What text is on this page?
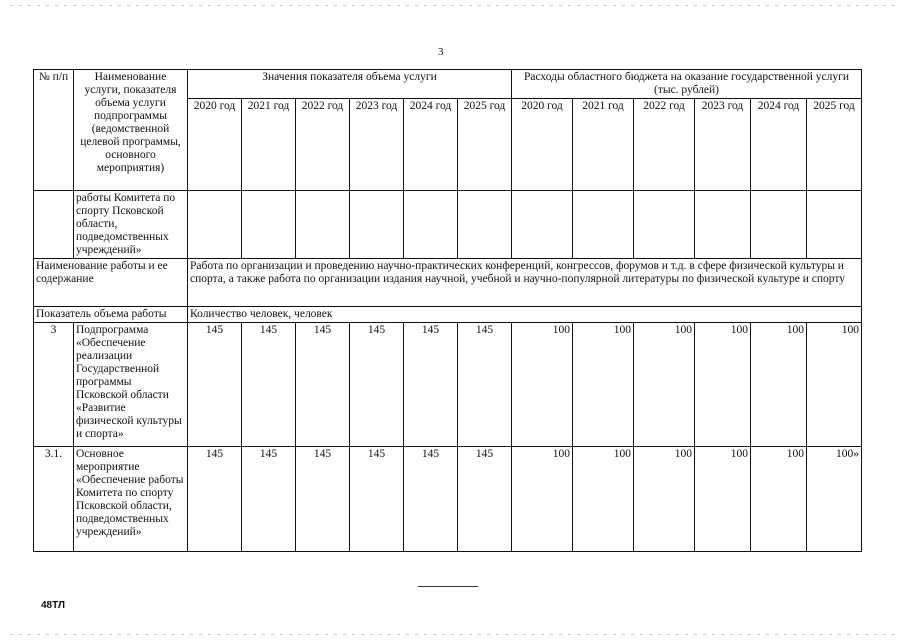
3
№ п/п	Наименование услуги, показателя объема услуги подпрограммы (ведомственной целевой программы, основного мероприятия)	Значения показателя объема услуги						Расходы областного бюджета на оказание государственной услуги (тыс. рублей)					
		2020 год	2021 год	2022 год	2023 год	2024 год	2025 год	2020 год	2021 год	2022 год	2023 год	2024 год	2025 год
	работы Комитета по спорту Псковской области, подведомственных учреждений»												
Наименование работы и ее содержание		Работа по организации и проведению научно-практических конференций, конгрессов, форумов и т.д. в сфере физической культуры и спорта, а также работа по организации издания научной, учебной и научно-популярной литературы по физической культуре и спорту											
Показатель объема работы		Количество человек, человек											
3	Подпрограмма «Обеспечение реализации Государственной программы Псковской области «Развитие физической культуры и спорта»	145	145	145	145	145	145	100	100	100	100	100	100
3.1.	Основное мероприятие «Обеспечение работы Комитета по спорту Псковской области, подведомственных учреждений»	145	145	145	145	145	145	100	100	100	100	100	100»
48ТЛ
